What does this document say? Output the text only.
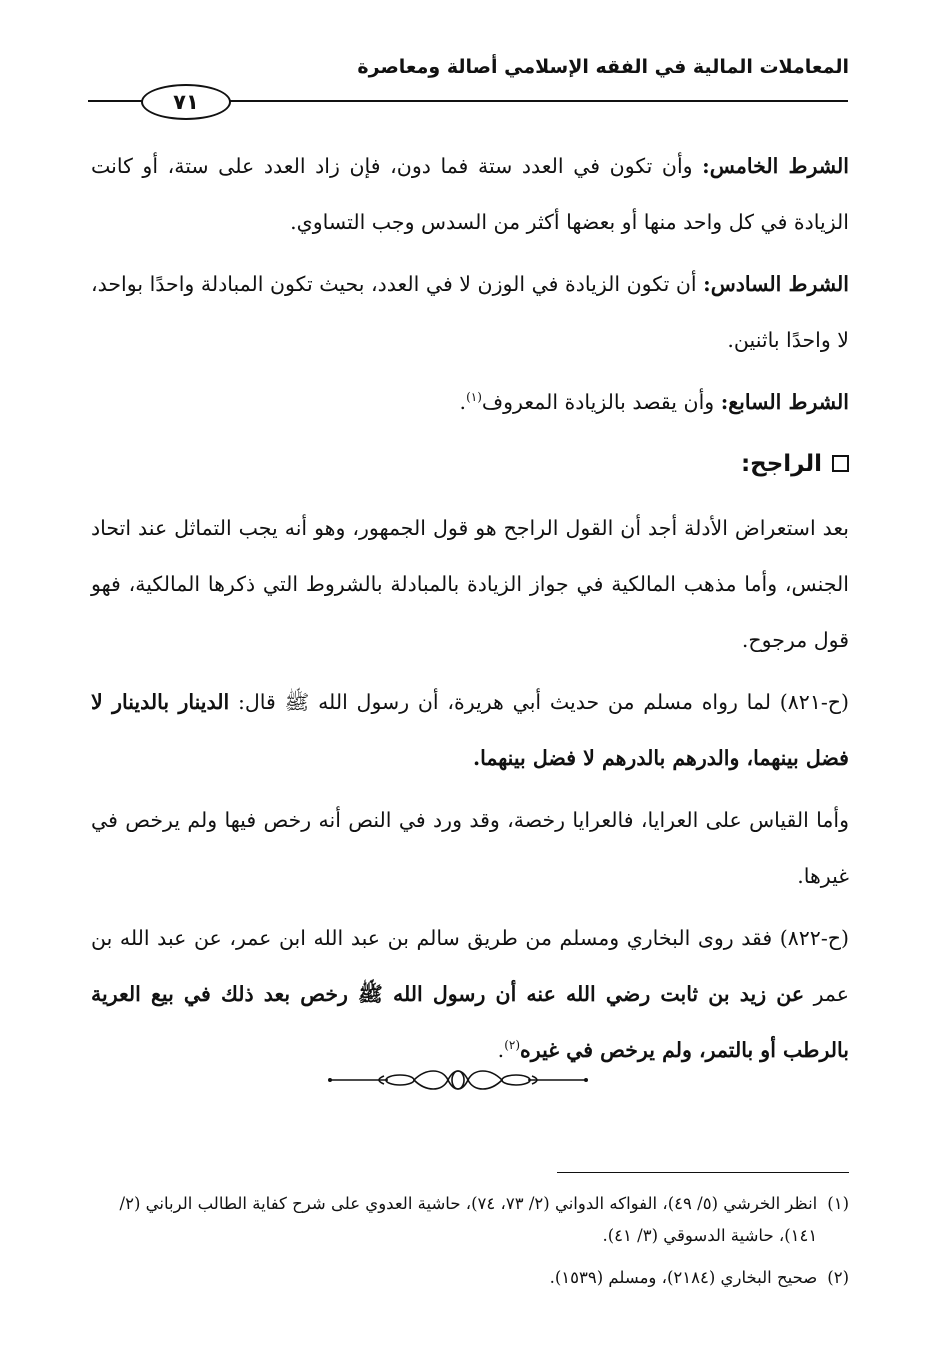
المعاملات المالية في الفقه الإسلامي أصالة ومعاصرة
٧١

الشرط الخامس: وأن تكون في العدد ستة فما دون، فإن زاد العدد على ستة، أو كانت الزيادة في كل واحد منها أو بعضها أكثر من السدس وجب التساوي.

الشرط السادس: أن تكون الزيادة في الوزن لا في العدد، بحيث تكون المبادلة واحدًا بواحد، لا واحدًا باثنين.

الشرط السابع: وأن يقصد بالزيادة المعروف$^{(١)}$.

الراجح:

بعد استعراض الأدلة أجد أن القول الراجح هو قول الجمهور، وهو أنه يجب التماثل عند اتحاد الجنس، وأما مذهب المالكية في جواز الزيادة بالمبادلة بالشروط التي ذكرها المالكية، فهو قول مرجوح.

(ح-٨٢١) لما رواه مسلم من حديث أبي هريرة، أن رسول الله ﷺ قال: الدينار بالدينار لا فضل بينهما، والدرهم بالدرهم لا فضل بينهما.

وأما القياس على العرايا، فالعرايا رخصة، وقد ورد في النص أنه رخص فيها ولم يرخص في غيرها.

(ح-٨٢٢) فقد روى البخاري ومسلم من طريق سالم بن عبد الله ابن عمر، عن عبد الله بن عمر عن زيد بن ثابت رضي الله عنه أن رسول الله ﷺ رخص بعد ذلك في بيع العرية بالرطب أو بالتمر، ولم يرخص في غيره$^{(٢)}$.

(١)
انظر الخرشي (٥/ ٤٩)، الفواكه الدواني (٢/ ٧٣، ٧٤)، حاشية العدوي على شرح كفاية الطالب الرباني (٢/ ١٤١)، حاشية الدسوقي (٣/ ٤١).
(٢)
صحيح البخاري (٢١٨٤)، ومسلم (١٥٣٩).
